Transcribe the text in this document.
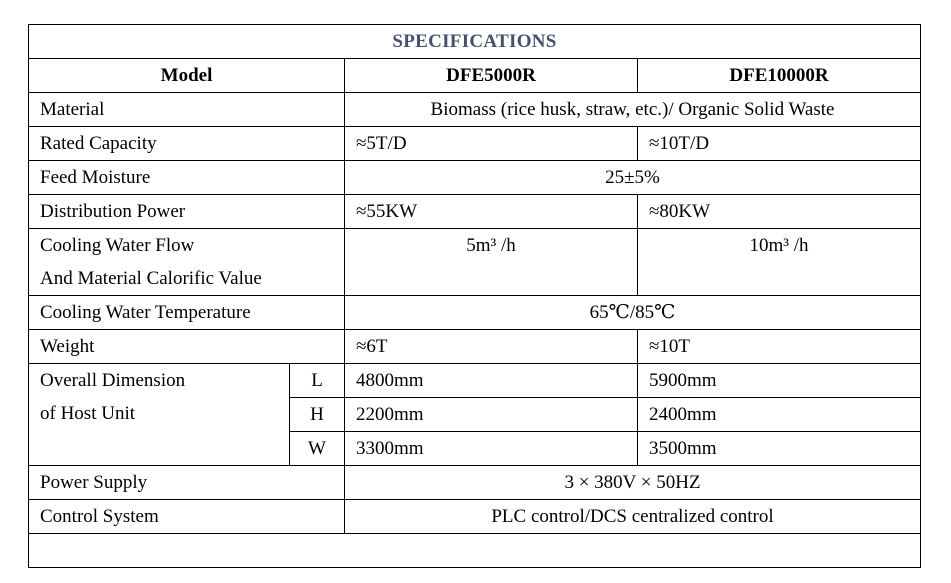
SPECIFICATIONS			
Model		DFE5000R	DFE10000R
Material		Biomass (rice husk, straw, etc.)/ Organic Solid Waste	
Rated Capacity		≈5T/D	≈10T/D
Feed Moisture		25±5%	
Distribution Power		≈55KW	≈80KW

Cooling Water Flow
And Material Calorific Value		5m³ /h	10m³ /h
Cooling Water Temperature		65℃/85℃	
Weight		≈6T	≈10T

Overall Dimension
of Host Unit	L	4800mm	5900mm
	H	2200mm	2400mm
	W	3300mm	3500mm
Power Supply		3 × 380V × 50HZ	
Control System		PLC control/DCS centralized control	
